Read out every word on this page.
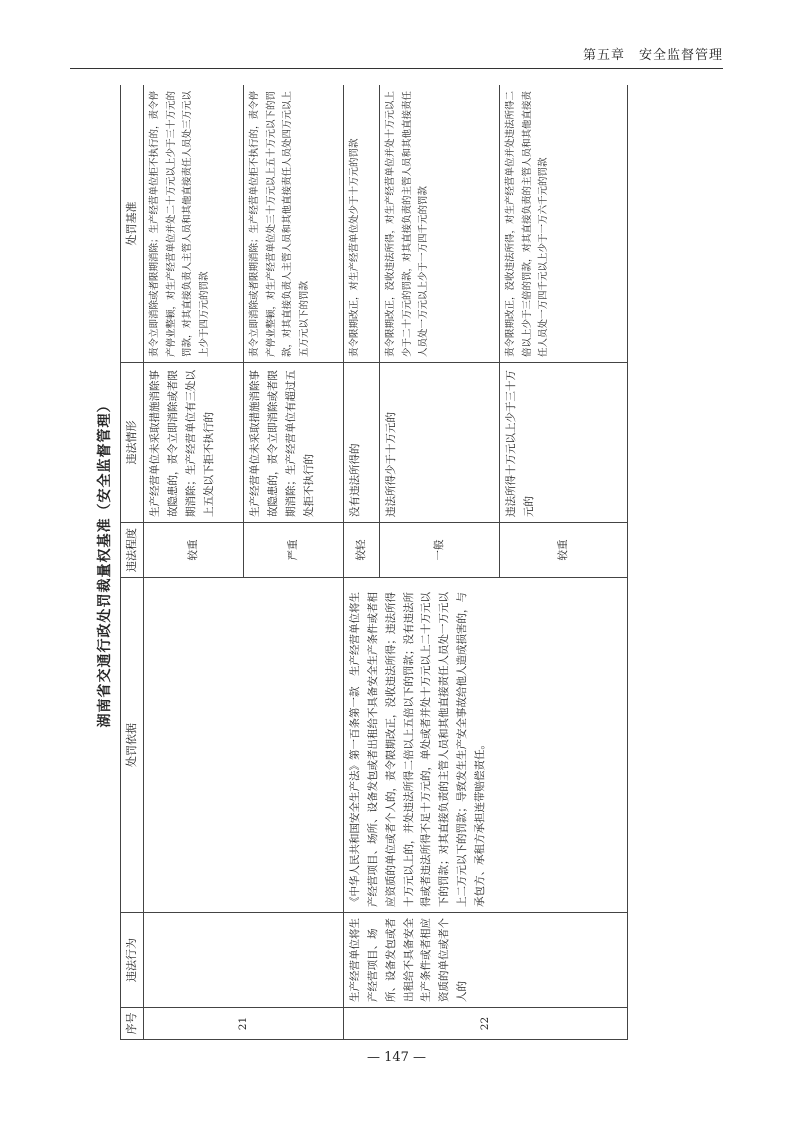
第五章　安全监督管理
湖南省交通行政处罚裁量权基准（安全监督管理）
序号	违法行为	处罚依据	违法程度	违法情形	处罚基准
21			较重	生产经营单位未采取措施消除事故隐患的，责令立即消除或者限期消除；生产经营单位有三处以上五处以下拒不执行的	责令立即消除或者限期消除；生产经营单位拒不执行的，责令停产停业整顿，对生产经营单位并处二十万元以上少于三十万元的罚款，对其直接负责人主管人员和其他直接责任人员处三万元以上少于四万元的罚款
			严重	生产经营单位未采取措施消除事故隐患的，责令立即消除或者限期消除；生产经营单位有超过五处拒不执行的	责令立即消除或者限期消除；生产经营单位拒不执行的，责令停产停业整顿，对生产经营单位处三十万元以上五十万元以下的罚款，对其直接负责人主管人员和其他直接责任人员处四万元以上五万元以下的罚款
22	生产经营单位将生产经营项目、场所、设备发包或者出租给不具备安全生产条件或者相应资质的单位或者个人的	《中华人民共和国安全生产法》第一百条第一款　生产经营单位将生产经营项目、场所、设备发包或者出租给不具备安全生产条件或者相应资质的单位或者个人的，责令限期改正，没收违法所得；违法所得十万元以上的，并处违法所得二倍以上五倍以下的罚款；没有违法所得或者违法所得不足十万元的，单处或者并处十万元以上二十万元以下的罚款；对其直接负责的主管人员和其他直接责任人员处一万元以上二万元以下的罚款；导致发生生产安全事故给他人造成损害的，与承包方、承租方承担连带赔偿责任。	较轻	没有违法所得的	责令限期改正，对生产经营单位处少于十万元的罚款
			一般	违法所得少于十万元的	责令限期改正，没收违法所得，对生产经营单位并处十万元以上少于二十万元的罚款，对其直接负责的主管人员和其他直接责任人员处一万元以上少于一万四千元的罚款
			较重	违法所得十万元以上少于三十万元的	责令限期改正，没收违法所得，对生产经营单位并处违法所得二倍以上少于三倍的罚款，对其直接负责的主管人员和其他直接责任人员处一万四千元以上少于一万六千元的罚款
— 147 —
